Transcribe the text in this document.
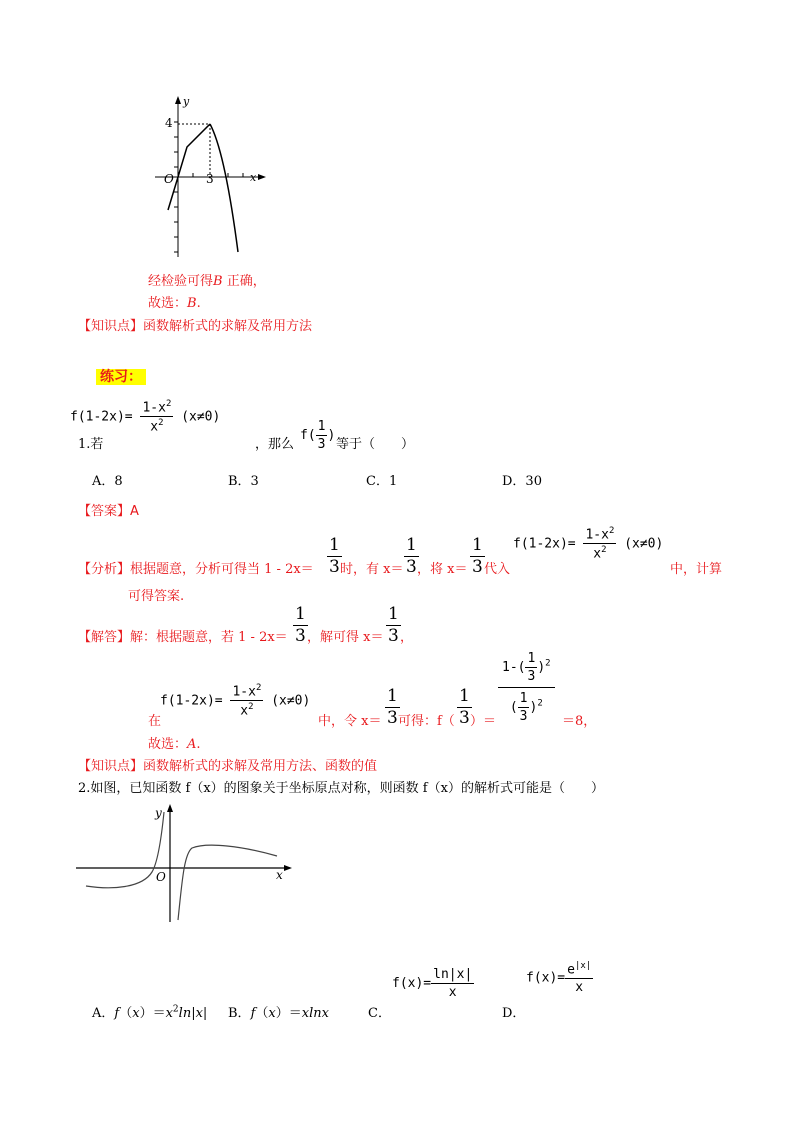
y
x
O
4
3
经检验可得B 正确，
故选：B.
【知识点】函数解析式的求解及常用方法
练习：
$f(1-2x)= \frac{1-x^2}{x^2} (x\ne 0)$
1.若	，那么
$f( \frac{1}{3}$ )
等于（　　）
A．8	B．3	C．1	D．30
【答案】A
【分析】根据题意，分析可得当 $1 - 2x= \frac{1}{3}$
时，有 $x= \frac{1}{3}$
，将 $x= \frac{1}{3}$ 代入
$f(1-2x)= \frac{1-x^2}{x^2} (x\ne 0)$
中，计算
可得答案.
【解答】解：根据题意，若 $1 - 2x= \frac{1}{3}$ ，解可得 $x= \frac{1}{3}$ ，
$f(1-2x)= \frac{1-x^2}{x^2} (x\ne 0)$
在	中，令 $x= \frac{1}{3}$
可得：$f( \frac{1}{3}$
）＝ $\frac{1-( \frac{1}{3} )^2}{( \frac{1}{3} )^2} =8$，
故选：A.
【知识点】函数解析式的求解及常用方法、函数的值
2.如图，已知函数 f（x）的图象关于坐标原点对称，则函数 f（x）的解析式可能是（　　）
y
x
O
A．$f(x)=x^2\ln|x|$ B．f（x）＝xlnx	C．
$f(x)= \frac{\ln|x|}{x}$
D．
$f(x)= \frac{e^{|x|}}{x}$
